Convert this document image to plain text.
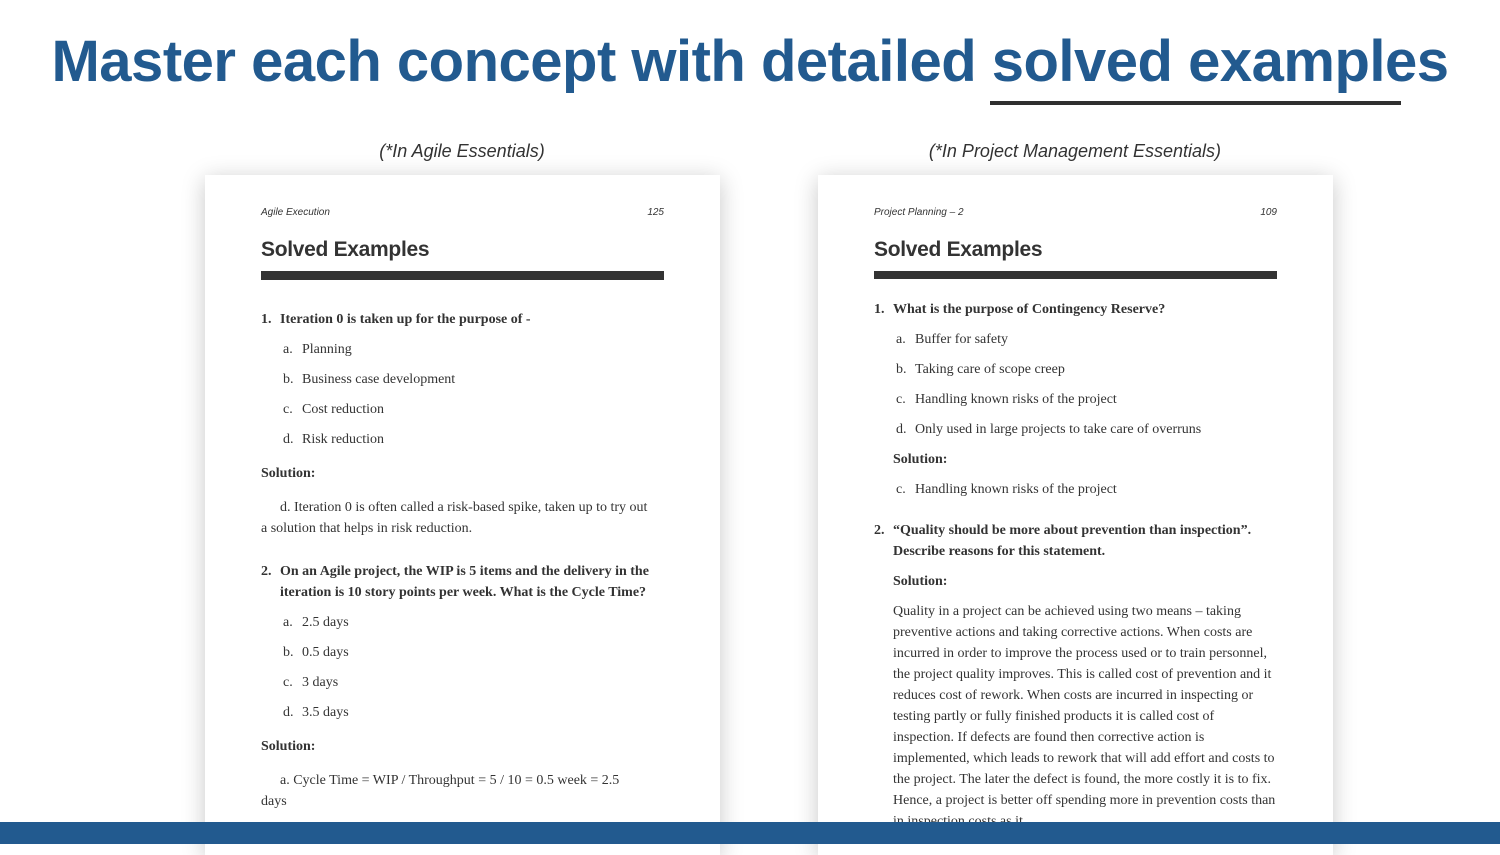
Master each concept with detailed solved examples
(*In Agile Essentials)	(*In Project Management Essentials)
Agile Execution	125
Solved Examples
1. Iteration 0 is taken up for the purpose of -
a. Planning
b. Business case development
c. Cost reduction
d. Risk reduction
Solution:

d. Iteration 0 is often called a risk-based spike, taken up to try out a solution that helps in risk reduction.

2. On an Agile project, the WIP is 5 items and the delivery in the iteration is 10 story points per week. What is the Cycle Time?
a. 2.5 days
b. 0.5 days
c. 3 days
d. 3.5 days
Solution:

a. Cycle Time = WIP / Throughput = 5 / 10 = 0.5 week = 2.5 days

Project Planning – 2	109
Solved Examples
1. What is the purpose of Contingency Reserve?
a. Buffer for safety
b. Taking care of scope creep
c. Handling known risks of the project
d. Only used in large projects to take care of overruns
Solution:
c. Handling known risks of the project
2. “Quality should be more about prevention than inspection”. Describe reasons for this statement.
Solution:

Quality in a project can be achieved using two means – taking preventive actions and taking corrective actions. When costs are incurred in order to improve the process used or to train personnel, the project quality improves. This is called cost of prevention and it reduces cost of rework. When costs are incurred in inspecting or testing partly or fully finished products it is called cost of inspection. If defects are found then corrective action is implemented, which leads to rework that will add effort and costs to the project. The later the defect is found, the more costly it is to fix. Hence, a project is better off spending more in prevention costs than
